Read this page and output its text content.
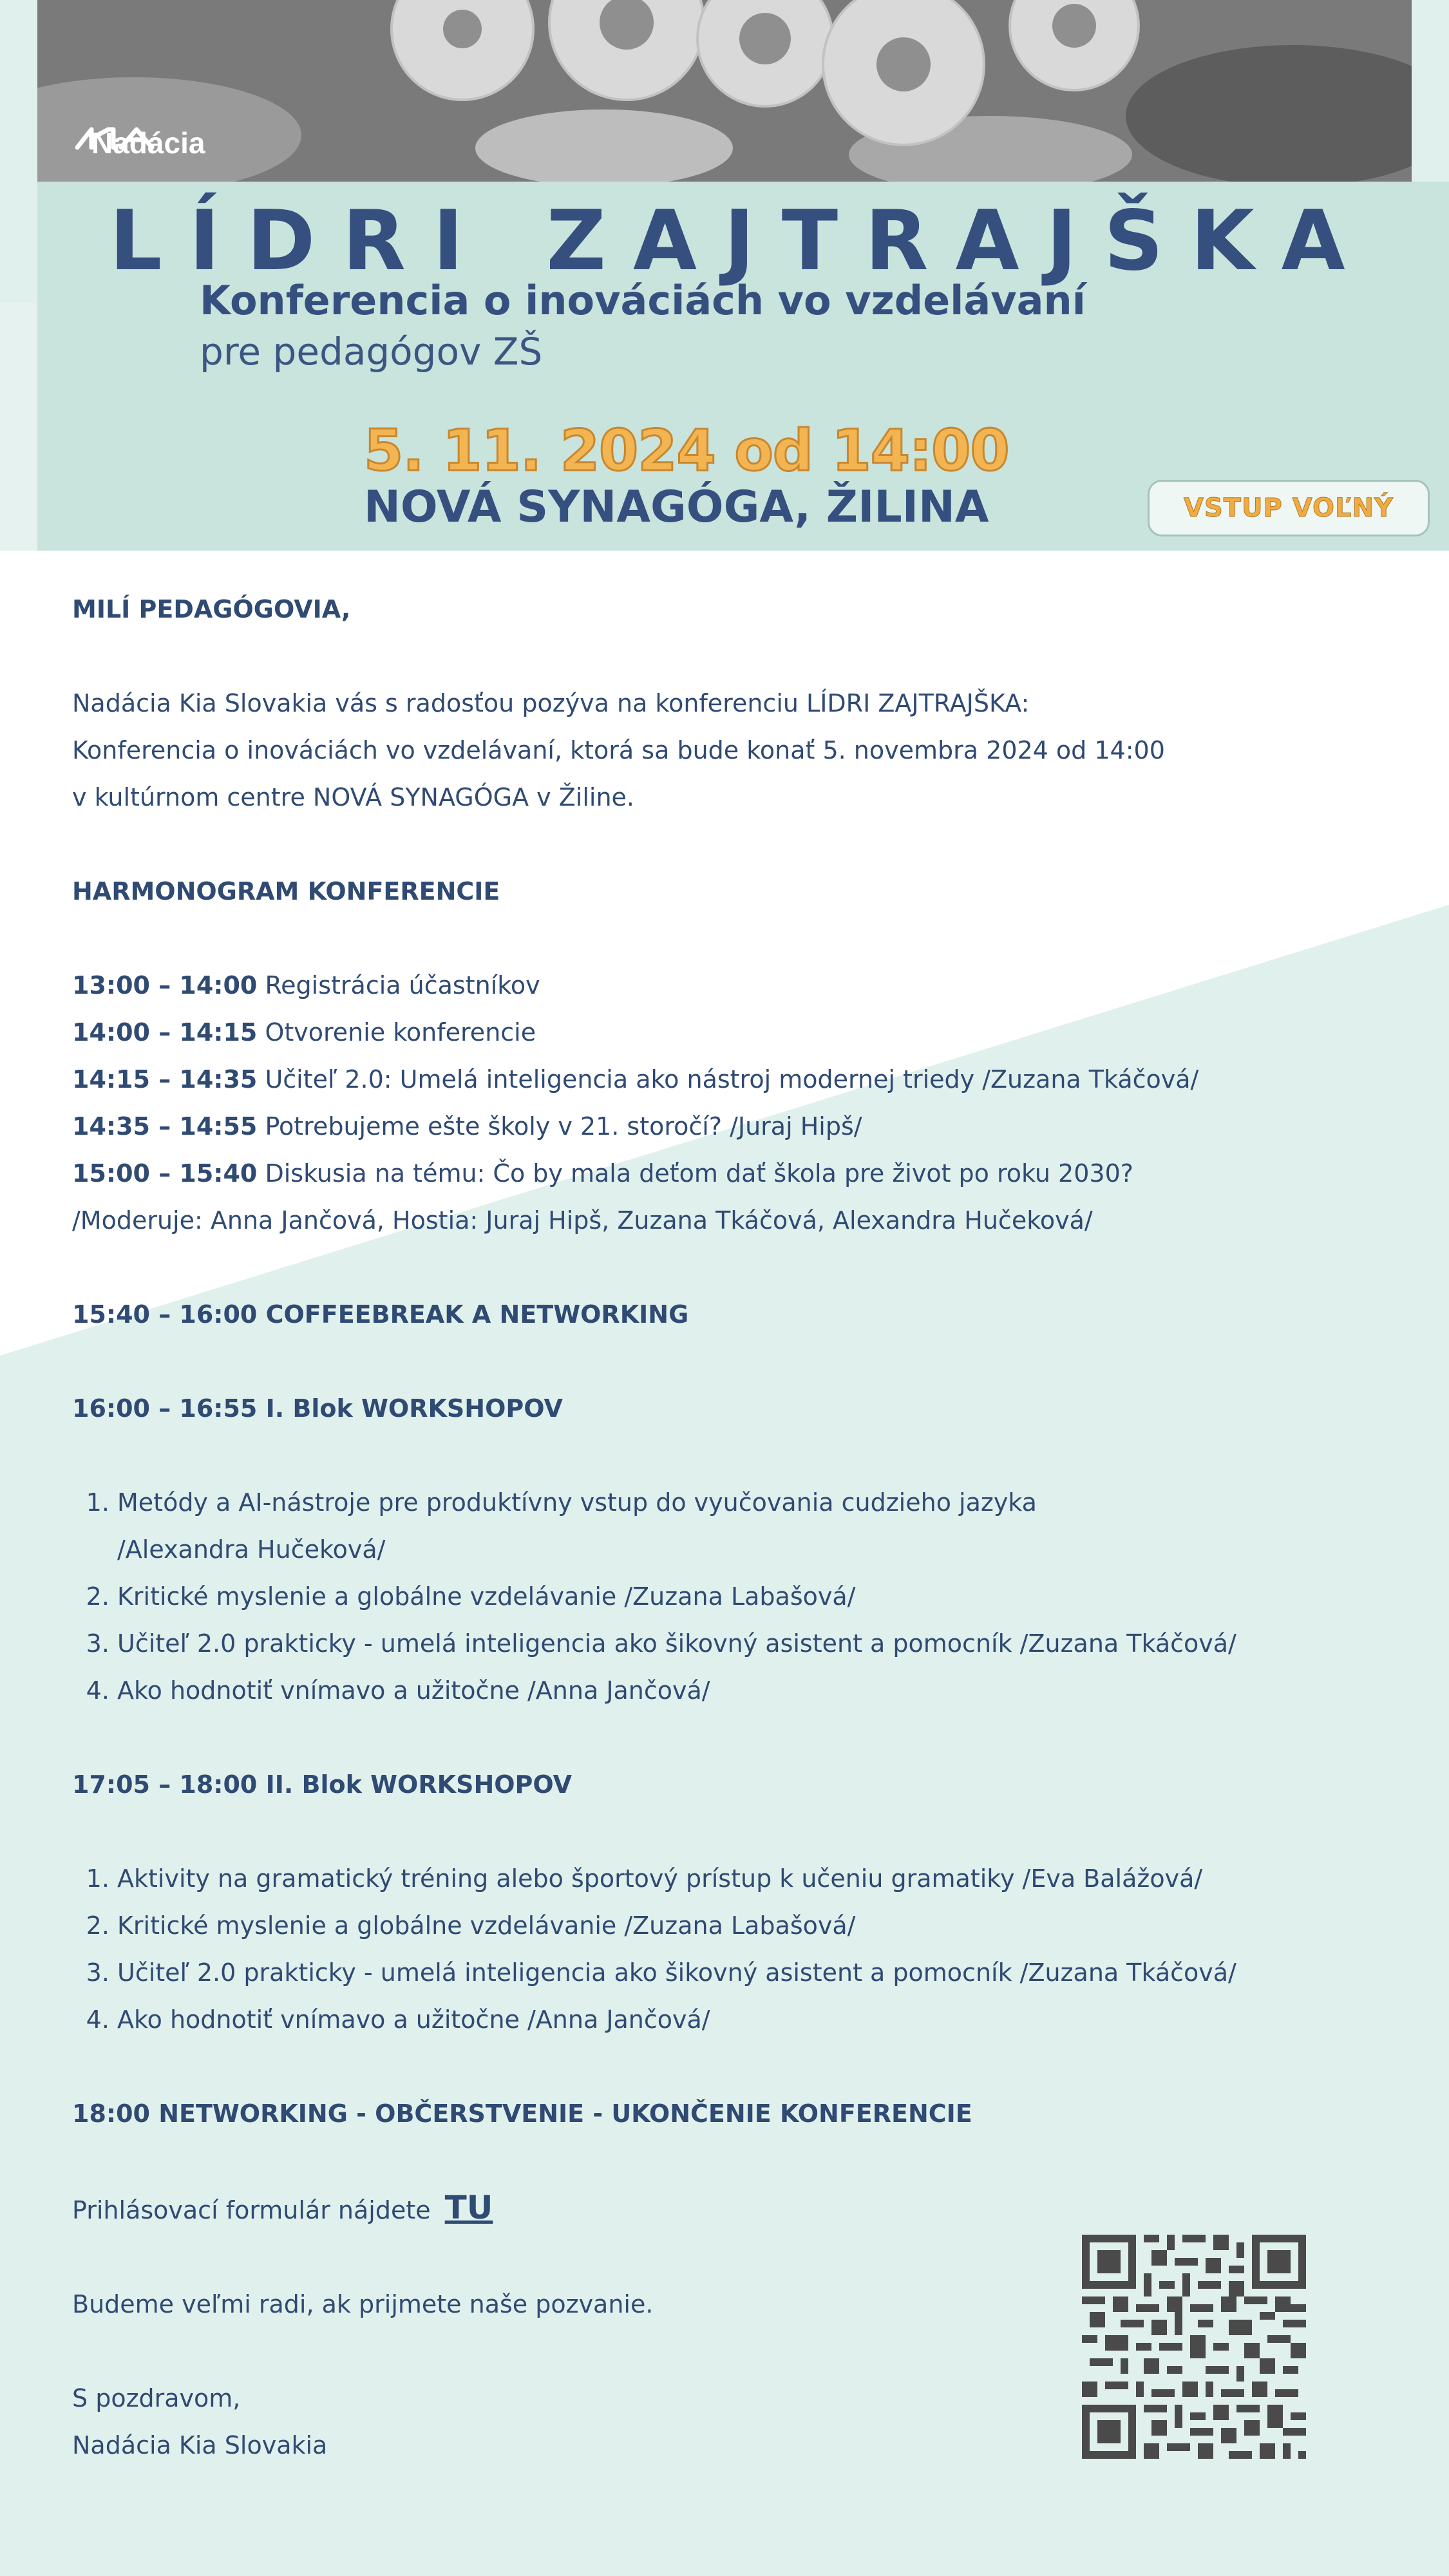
Nadácia
LÍDRI ZAJTRAJŠKA
Konferencia o inováciách vo vzdelávaní
pre pedagógov ZŠ
5. 11. 2024 od 14:00
NOVÁ SYNAGÓGA, ŽILINA	VSTUP VOĽNÝ

MILÍ PEDAGÓGOVIA,

Nadácia Kia Slovakia vás s radosťou pozýva na konferenciu LÍDRI ZAJTRAJŠKA:

Konferencia o inováciách vo vzdelávaní, ktorá sa bude konať 5. novembra 2024 od 14:00

v kultúrnom centre NOVÁ SYNAGÓGA v Žiline.

HARMONOGRAM KONFERENCIE

13:00 – 14:00 Registrácia účastníkov

14:00 – 14:15 Otvorenie konferencie

14:15 – 14:35 Učiteľ 2.0: Umelá inteligencia ako nástroj modernej triedy /Zuzana Tkáčová/

14:35 – 14:55 Potrebujeme ešte školy v 21. storočí? /Juraj Hipš/

15:00 – 15:40 Diskusia na tému: Čo by mala deťom dať škola pre život po roku 2030?

/Moderuje: Anna Jančová, Hostia: Juraj Hipš, Zuzana Tkáčová, Alexandra Hučeková/

15:40 – 16:00 COFFEEBREAK A NETWORKING

16:00 – 16:55 I. Blok WORKSHOPOV

1. Metódy a AI-nástroje pre produktívny vstup do vyučovania cudzieho jazyka
/Alexandra Hučeková/
2. Kritické myslenie a globálne vzdelávanie /Zuzana Labašová/
3. Učiteľ 2.0 prakticky - umelá inteligencia ako šikovný asistent a pomocník /Zuzana Tkáčová/
4. Ako hodnotiť vnímavo a užitočne /Anna Jančová/

17:05 – 18:00 II. Blok WORKSHOPOV

1. Aktivity na gramatický tréning alebo športový prístup k učeniu gramatiky /Eva Balážová/
2. Kritické myslenie a globálne vzdelávanie /Zuzana Labašová/
3. Učiteľ 2.0 prakticky - umelá inteligencia ako šikovný asistent a pomocník /Zuzana Tkáčová/
4. Ako hodnotiť vnímavo a užitočne /Anna Jančová/

18:00 NETWORKING - OBČERSTVENIE - UKONČENIE KONFERENCIE

Prihlásovací formulár nájdete TU

Budeme veľmi radi, ak prijmete naše pozvanie.

S pozdravom,

Nadácia Kia Slovakia
